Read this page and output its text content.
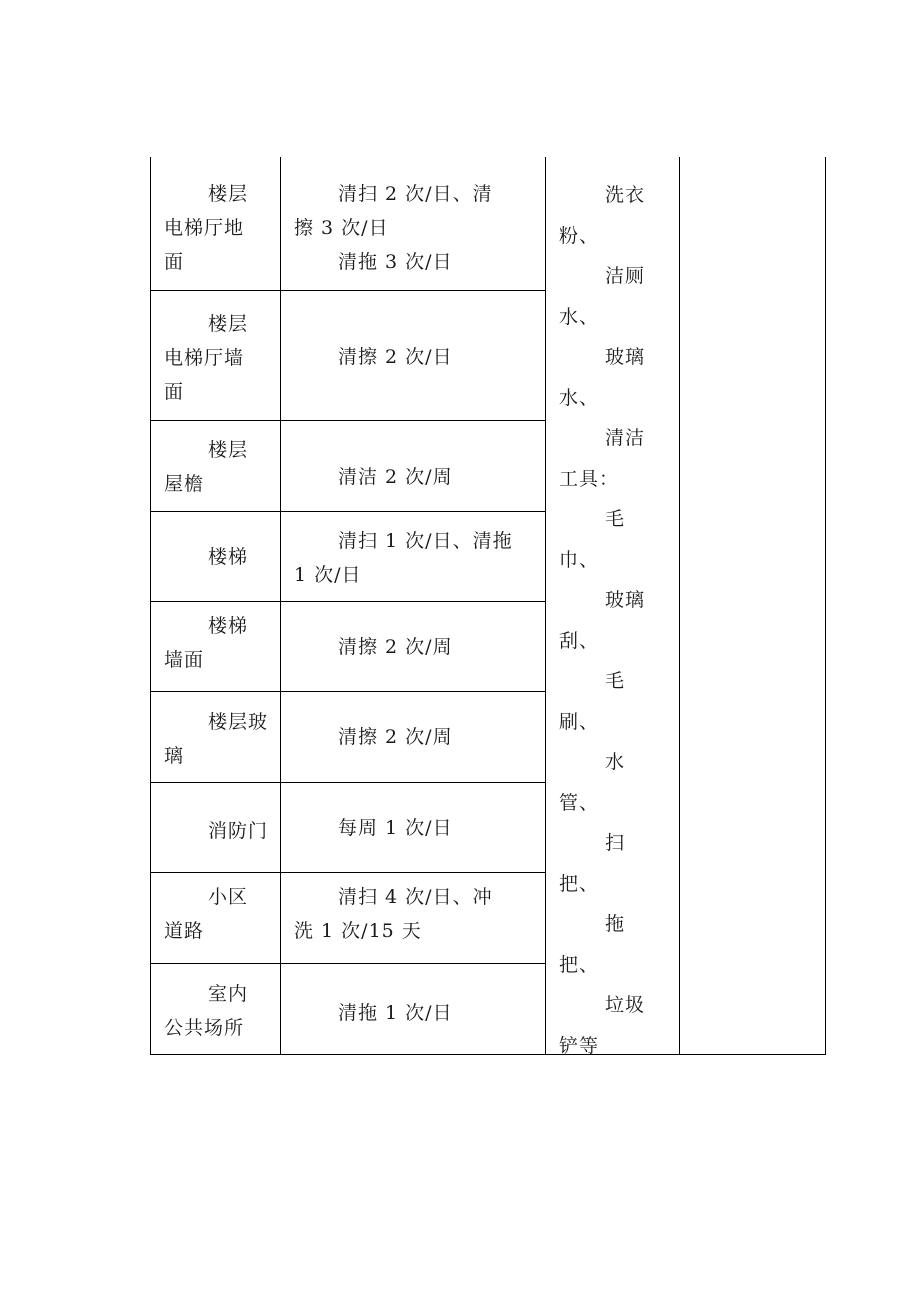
楼层

电梯厅地

面

清扫 2 次/日、清

擦 3 次/日

清拖 3 次/日

楼层

电梯厅墙

面

清擦 2 次/日

楼层

屋檐	清洁 2 次/周

楼梯

清扫 1 次/日、清拖

1 次/日

楼梯

墙面

清擦 2 次/周

楼层玻

璃

清擦 2 次/周

消防门	每周 1 次/日

小区

道路

清扫 4 次/日、冲

洗 1 次/15 天

室内

公共场所

清拖 1 次/日

洗衣

粉、

洁厕

水、

玻璃

水、

清洁

工具：

毛

巾、

玻璃

刮、

毛

刷、

水

管、

扫

把、

拖

把、

垃圾

铲等
